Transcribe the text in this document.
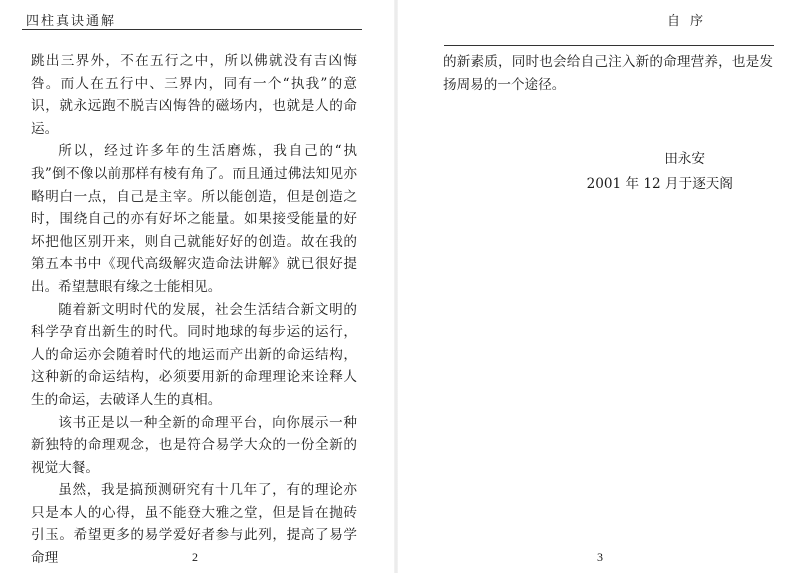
四柱真诀通解

跳出三界外，不在五行之中，所以佛就没有吉凶悔咎。而人在五行中、三界内，同有一个“执我”的意识，就永远跑不脱吉凶悔咎的磁场内，也就是人的命运。

所以，经过许多年的生活磨炼，我自己的“执我”倒不像以前那样有棱有角了。而且通过佛法知见亦略明白一点，自己是主宰。所以能创造，但是创造之时，围绕自己的亦有好坏之能量。如果接受能量的好坏把他区别开来，则自己就能好好的创造。故在我的第五本书中《现代高级解灾造命法讲解》就已很好提出。希望慧眼有缘之士能相见。

随着新文明时代的发展，社会生活结合新文明的科学孕育出新生的时代。同时地球的每步运的运行，人的命运亦会随着时代的地运而产出新的命运结构，这种新的命运结构，必须要用新的命理理论来诠释人生的命运，去破译人生的真相。

该书正是以一种全新的命理平台，向你展示一种新独特的命理观念，也是符合易学大众的一份全新的视觉大餐。

虽然，我是搞预测研究有十几年了，有的理论亦只是本人的心得，虽不能登大雅之堂，但是旨在抛砖引玉。希望更多的易学爱好者参与此列，提高了易学命理	2
自序

的新素质，同时也会给自己注入新的命理营养，也是发扬周易的一个途径。

田永安
2001 年 12 月于逐天阁
3
